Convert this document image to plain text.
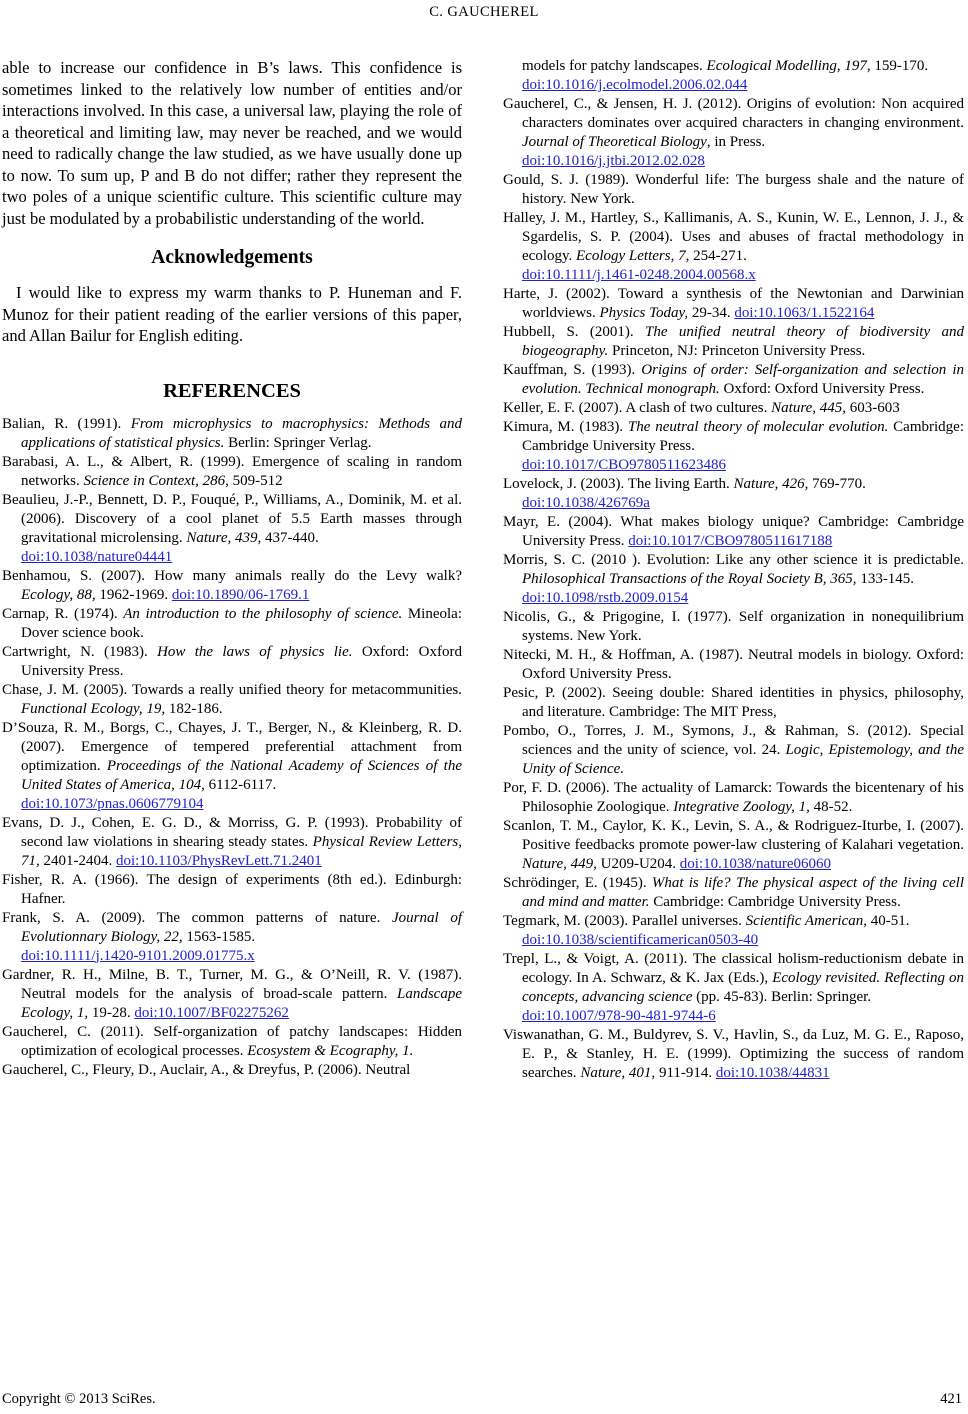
C. GAUCHEREL

able to increase our confidence in B’s laws. This confidence is sometimes linked to the relatively low number of entities and/or interactions involved. In this case, a universal law, playing the role of a theoretical and limiting law, may never be reached, and we would need to radically change the law studied, as we have usually done up to now. To sum up, P and B do not differ; rather they represent the two poles of a unique scientific culture. This scientific culture may just be modulated by a probabilistic understanding of the world.

Acknowledgements

I would like to express my warm thanks to P. Huneman and F. Munoz for their patient reading of the earlier versions of this paper, and Allan Bailur for English editing.

REFERENCES
Balian, R. (1991). From microphysics to macrophysics: Methods and applications of statistical physics. Berlin: Springer Verlag.
Barabasi, A. L., & Albert, R. (1999). Emergence of scaling in random networks. Science in Context, 286, 509-512
Beaulieu, J.-P., Bennett, D. P., Fouqué, P., Williams, A., Dominik, M. et al. (2006). Discovery of a cool planet of 5.5 Earth masses through gravitational microlensing. Nature, 439, 437-440.
doi:10.1038/nature04441
Benhamou, S. (2007). How many animals really do the Levy walk? Ecology, 88, 1962-1969. doi:10.1890/06-1769.1
Carnap, R. (1974). An introduction to the philosophy of science. Mineola: Dover science book.
Cartwright, N. (1983). How the laws of physics lie. Oxford: Oxford University Press.
Chase, J. M. (2005). Towards a really unified theory for metacommunities. Functional Ecology, 19, 182-186.
D’Souza, R. M., Borgs, C., Chayes, J. T., Berger, N., & Kleinberg, R. D. (2007). Emergence of tempered preferential attachment from optimization. Proceedings of the National Academy of Sciences of the United States of America, 104, 6112-6117.
doi:10.1073/pnas.0606779104
Evans, D. J., Cohen, E. G. D., & Morriss, G. P. (1993). Probability of second law violations in shearing steady states. Physical Review Letters, 71, 2401-2404. doi:10.1103/PhysRevLett.71.2401
Fisher, R. A. (1966). The design of experiments (8th ed.). Edinburgh: Hafner.
Frank, S. A. (2009). The common patterns of nature. Journal of Evolutionnary Biology, 22, 1563-1585.
doi:10.1111/j.1420-9101.2009.01775.x
Gardner, R. H., Milne, B. T., Turner, M. G., & O’Neill, R. V. (1987). Neutral models for the analysis of broad-scale pattern. Landscape Ecology, 1, 19-28. doi:10.1007/BF02275262
Gaucherel, C. (2011). Self-organization of patchy landscapes: Hidden optimization of ecological processes. Ecosystem & Ecography, 1.
Gaucherel, C., Fleury, D., Auclair, A., & Dreyfus, P. (2006). Neutral
models for patchy landscapes. Ecological Modelling, 197, 159-170.
doi:10.1016/j.ecolmodel.2006.02.044
Gaucherel, C., & Jensen, H. J. (2012). Origins of evolution: Non acquired characters dominates over acquired characters in changing environment. Journal of Theoretical Biology, in Press.
doi:10.1016/j.jtbi.2012.02.028
Gould, S. J. (1989). Wonderful life: The burgess shale and the nature of history. New York.
Halley, J. M., Hartley, S., Kallimanis, A. S., Kunin, W. E., Lennon, J. J., & Sgardelis, S. P. (2004). Uses and abuses of fractal methodology in ecology. Ecology Letters, 7, 254-271.
doi:10.1111/j.1461-0248.2004.00568.x
Harte, J. (2002). Toward a synthesis of the Newtonian and Darwinian worldviews. Physics Today, 29-34. doi:10.1063/1.1522164
Hubbell, S. (2001). The unified neutral theory of biodiversity and biogeography. Princeton, NJ: Princeton University Press.
Kauffman, S. (1993). Origins of order: Self-organization and selection in evolution. Technical monograph. Oxford: Oxford University Press.
Keller, E. F. (2007). A clash of two cultures. Nature, 445, 603-603
Kimura, M. (1983). The neutral theory of molecular evolution. Cambridge: Cambridge University Press.
doi:10.1017/CBO9780511623486
Lovelock, J. (2003). The living Earth. Nature, 426, 769-770.
doi:10.1038/426769a
Mayr, E. (2004). What makes biology unique? Cambridge: Cambridge University Press. doi:10.1017/CBO9780511617188
Morris, S. C. (2010 ). Evolution: Like any other science it is predictable. Philosophical Transactions of the Royal Society B, 365, 133-145.
doi:10.1098/rstb.2009.0154
Nicolis, G., & Prigogine, I. (1977). Self organization in nonequilibrium systems. New York.
Nitecki, M. H., & Hoffman, A. (1987). Neutral models in biology. Oxford: Oxford University Press.
Pesic, P. (2002). Seeing double: Shared identities in physics, philosophy, and literature. Cambridge: The MIT Press,
Pombo, O., Torres, J. M., Symons, J., & Rahman, S. (2012). Special sciences and the unity of science, vol. 24. Logic, Epistemology, and the Unity of Science.
Por, F. D. (2006). The actuality of Lamarck: Towards the bicentenary of his Philosophie Zoologique. Integrative Zoology, 1, 48-52.
Scanlon, T. M., Caylor, K. K., Levin, S. A., & Rodriguez-Iturbe, I. (2007). Positive feedbacks promote power-law clustering of Kalahari vegetation. Nature, 449, U209-U204. doi:10.1038/nature06060
Schrödinger, E. (1945). What is life? The physical aspect of the living cell and mind and matter. Cambridge: Cambridge University Press.
Tegmark, M. (2003). Parallel universes. Scientific American, 40-51.
doi:10.1038/scientificamerican0503-40
Trepl, L., & Voigt, A. (2011). The classical holism-reductionism debate in ecology. In A. Schwarz, & K. Jax (Eds.), Ecology revisited. Reflecting on concepts, advancing science (pp. 45-83). Berlin: Springer.
doi:10.1007/978-90-481-9744-6
Viswanathan, G. M., Buldyrev, S. V., Havlin, S., da Luz, M. G. E., Raposo, E. P., & Stanley, H. E. (1999). Optimizing the success of random searches. Nature, 401, 911-914. doi:10.1038/44831
Copyright © 2013 SciRes.	421
